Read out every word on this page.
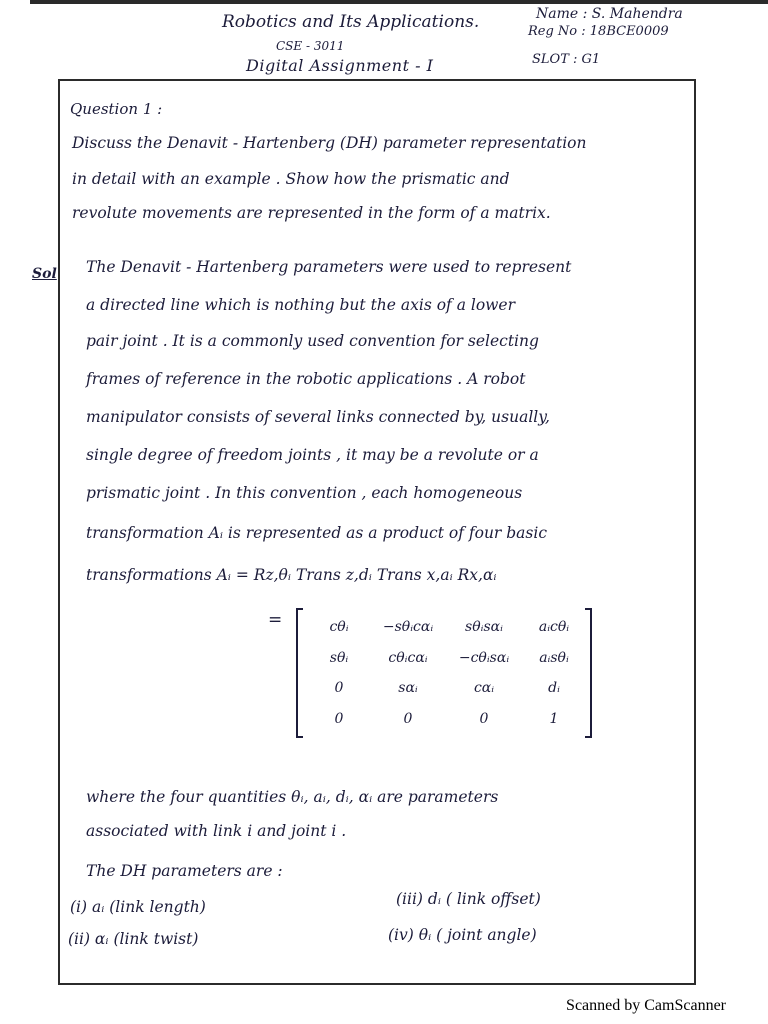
Robotics and Its Applications.
CSE - 3011
Digital Assignment - I
Name : S. Mahendra
Reg No : 18BCE0009
SLOT : G1
Sol
Question 1 :
Discuss the Denavit - Hartenberg (DH) parameter representation
in detail with an example . Show how the prismatic and
revolute movements are represented in the form of a matrix.
The Denavit - Hartenberg parameters were used to represent
a directed line which is nothing but the axis of a lower
pair joint . It is a commonly used convention for selecting
frames of reference in the robotic applications . A robot
manipulator consists of several links connected by, usually,
single degree of freedom joints , it may be a revolute or a
prismatic joint . In this convention , each homogeneous
transformation Aᵢ is represented as a product of four basic
transformations Aᵢ = Rz,θᵢ Trans z,dᵢ Trans x,aᵢ Rx,αᵢ
=	cθᵢ	−sθᵢcαᵢ	sθᵢsαᵢ	aᵢcθᵢ
sθᵢ	cθᵢcαᵢ	−cθᵢsαᵢ	aᵢsθᵢ
0	sαᵢ	cαᵢ	dᵢ
0	0	0	1
where the four quantities θᵢ, aᵢ, dᵢ, αᵢ are parameters
associated with link i and joint i .
The DH parameters are :
(i) aᵢ (link length)
(ii) αᵢ (link twist)
(iii) dᵢ ( link offset)
(iv) θᵢ ( joint angle)
Scanned by CamScanner
